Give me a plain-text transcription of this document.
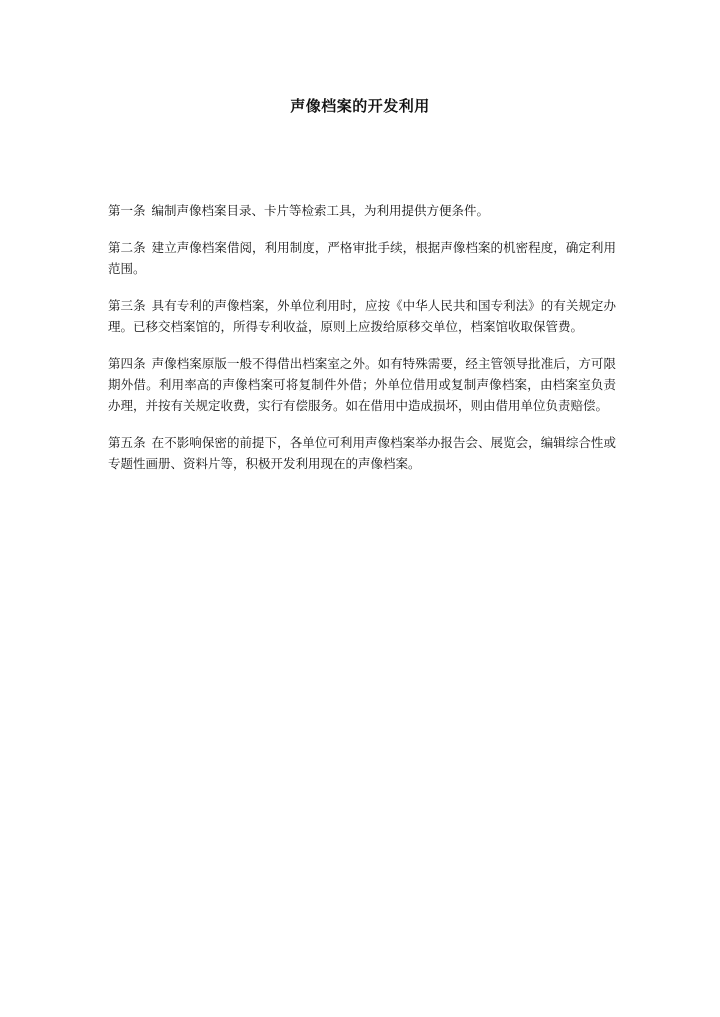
声像档案的开发利用

第一条 编制声像档案目录、卡片等检索工具，为利用提供方便条件。

第二条 建立声像档案借阅，利用制度，严格审批手续，根据声像档案的机密程度，确定利用范围。

第三条 具有专利的声像档案，外单位利用时，应按《中华人民共和国专利法》的有关规定办理。已移交档案馆的，所得专利收益，原则上应拨给原移交单位，档案馆收取保管费。

第四条 声像档案原版一般不得借出档案室之外。如有特殊需要，经主管领导批准后，方可限期外借。利用率高的声像档案可将复制件外借；外单位借用或复制声像档案，由档案室负责办理，并按有关规定收费，实行有偿服务。如在借用中造成损坏，则由借用单位负责赔偿。

第五条 在不影响保密的前提下，各单位可利用声像档案举办报告会、展览会，编辑综合性或专题性画册、资料片等，积极开发利用现在的声像档案。
